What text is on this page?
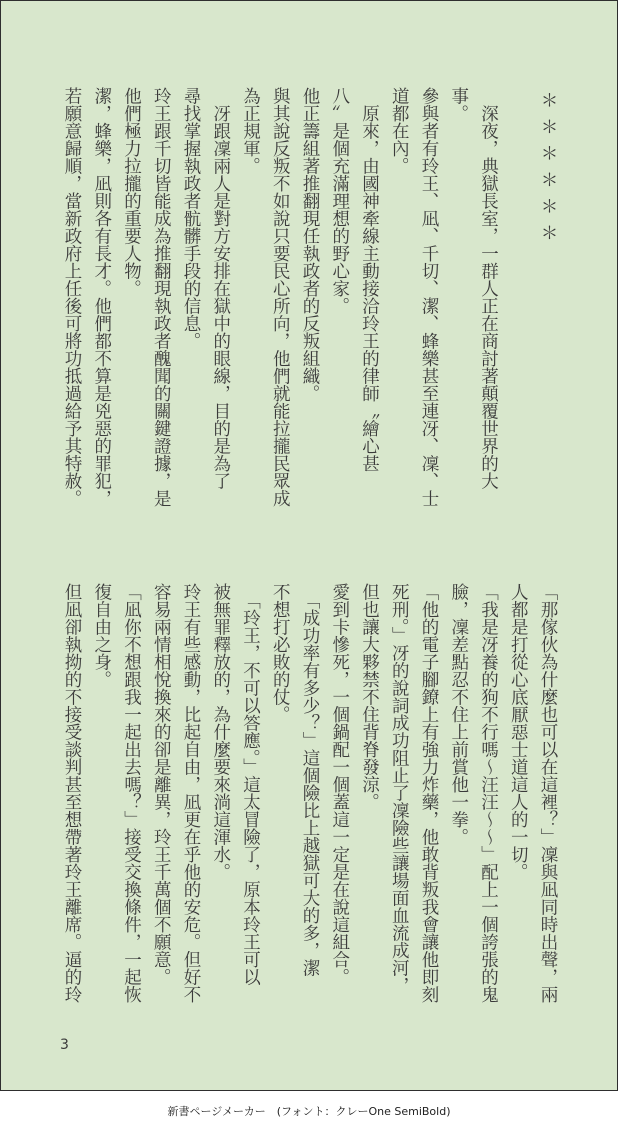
＊＊＊＊＊＊
　深夜，典獄長室，一群人正在商討著顛覆世界的大
事。
參與者有玲王、凪、千切、潔、蜂樂甚至連冴、凜、士
道都在內。
　原來，由國神牽線主動接洽玲王的律師〝繪心甚
八〞是個充滿理想的野心家。
他正籌組著推翻現任執政者的反叛組織。
與其說反叛不如說只要民心所向，他們就能拉攏民眾成
為正規軍。
　冴跟凜兩人是對方安排在獄中的眼線，目的是為了
尋找掌握執政者骯髒手段的信息。
玲王跟千切皆能成為推翻現執政者醜聞的關鍵證據，是
他們極力拉攏的重要人物。
潔，蜂樂，凪則各有長才。他們都不算是兇惡的罪犯，
若願意歸順，當新政府上任後可將功抵過給予其特赦。
「那傢伙為什麼也可以在這裡？」凜與凪同時出聲，兩
人都是打從心底厭惡士道這人的一切。
「我是冴養的狗不行嗎～汪汪～～」配上一個誇張的鬼
臉，凜差點忍不住上前賞他一拳。
「他的電子腳鐐上有強力炸藥，他敢背叛我會讓他即刻
死刑。」冴的說詞成功阻止了凜險些讓場面血流成河，
但也讓大夥禁不住背脊發涼。
愛到卡慘死，一個鍋配一個蓋這一定是在說這組合。
　「成功率有多少？」這個險比上越獄可大的多，潔
不想打必敗的仗。
　「玲王，不可以答應。」這太冒險了，原本玲王可以
被無罪釋放的，為什麼要來淌這渾水。
玲王有些感動，比起自由，凪更在乎他的安危。但好不
容易兩情相悅換來的卻是離異，玲王千萬個不願意。
「凪你不想跟我一起出去嗎？」接受交換條件，一起恢
復自由之身。
但凪卻執拗的不接受談判甚至想帶著玲王離席。逼的玲
3
新書ページメーカー　(フォント：クレーOne SemiBold)
